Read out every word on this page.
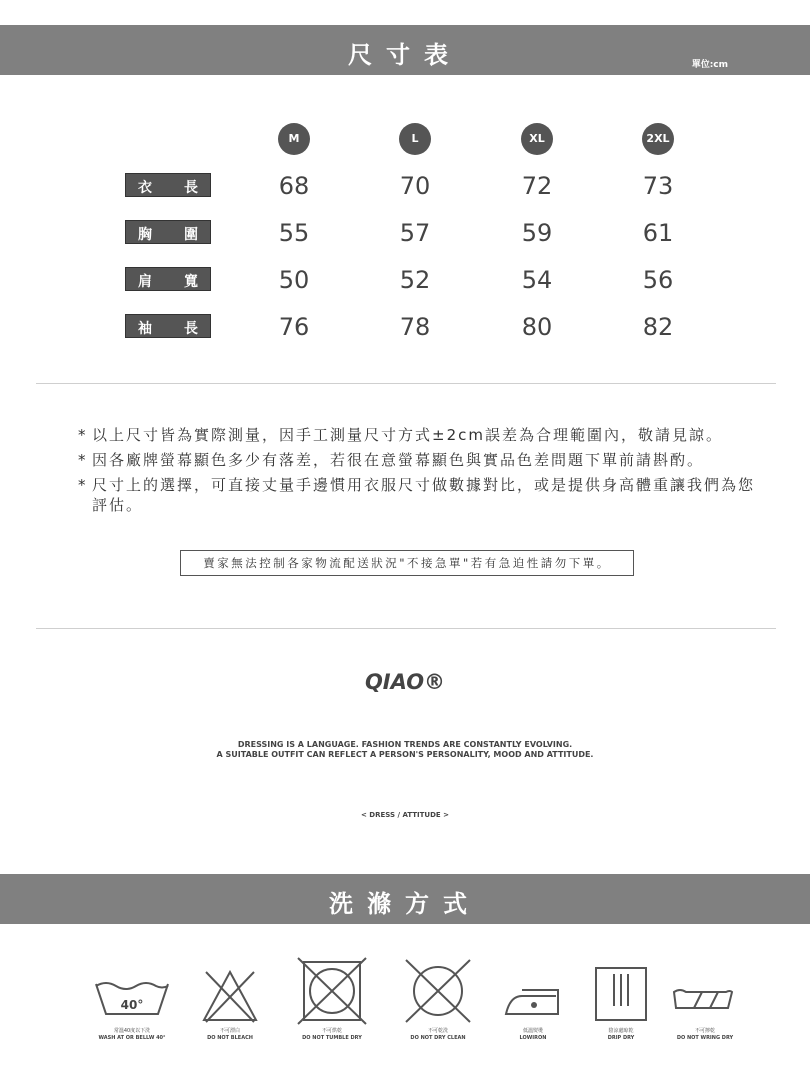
尺寸表	單位:cm
M	L	XL	2XL
衣 長	68	70	72	73
胸 圍	55	57	59	61
肩 寬	50	52	54	56
袖 長	76	78	80	82
* 以上尺寸皆為實際測量，因手工測量尺寸方式±2cm誤差為合理範圍內，敬請見諒。
* 因各廠牌螢幕顯色多少有落差，若很在意螢幕顯色與實品色差問題下單前請斟酌。
* 尺寸上的選擇，可直接丈量手邊慣用衣服尺寸做數據對比，或是提供身高體重讓我們為您評估。
賣家無法控制各家物流配送狀況"不接急單"若有急迫性請勿下單。
QIAO®
DRESSING IS A LANGUAGE. FASHION TRENDS ARE CONSTANTLY EVOLVING.
A SUITABLE OUTFIT CAN REFLECT A PERSON'S PERSONALITY, MOOD AND ATTITUDE.
< DRESS / ATTITUDE >
洗滌方式
40°
常溫40度以下洗
WASH AT OR BELLW 40°
不可漂白
DO NOT BLEACH
不可烘乾
DO NOT TUMBLE DRY
不可乾洗
DO NOT DRY CLEAN
低溫熨燙
LOWIRON
陰涼處晾乾
DRIP DRY
不可擰乾
DO NOT WRING DRY
